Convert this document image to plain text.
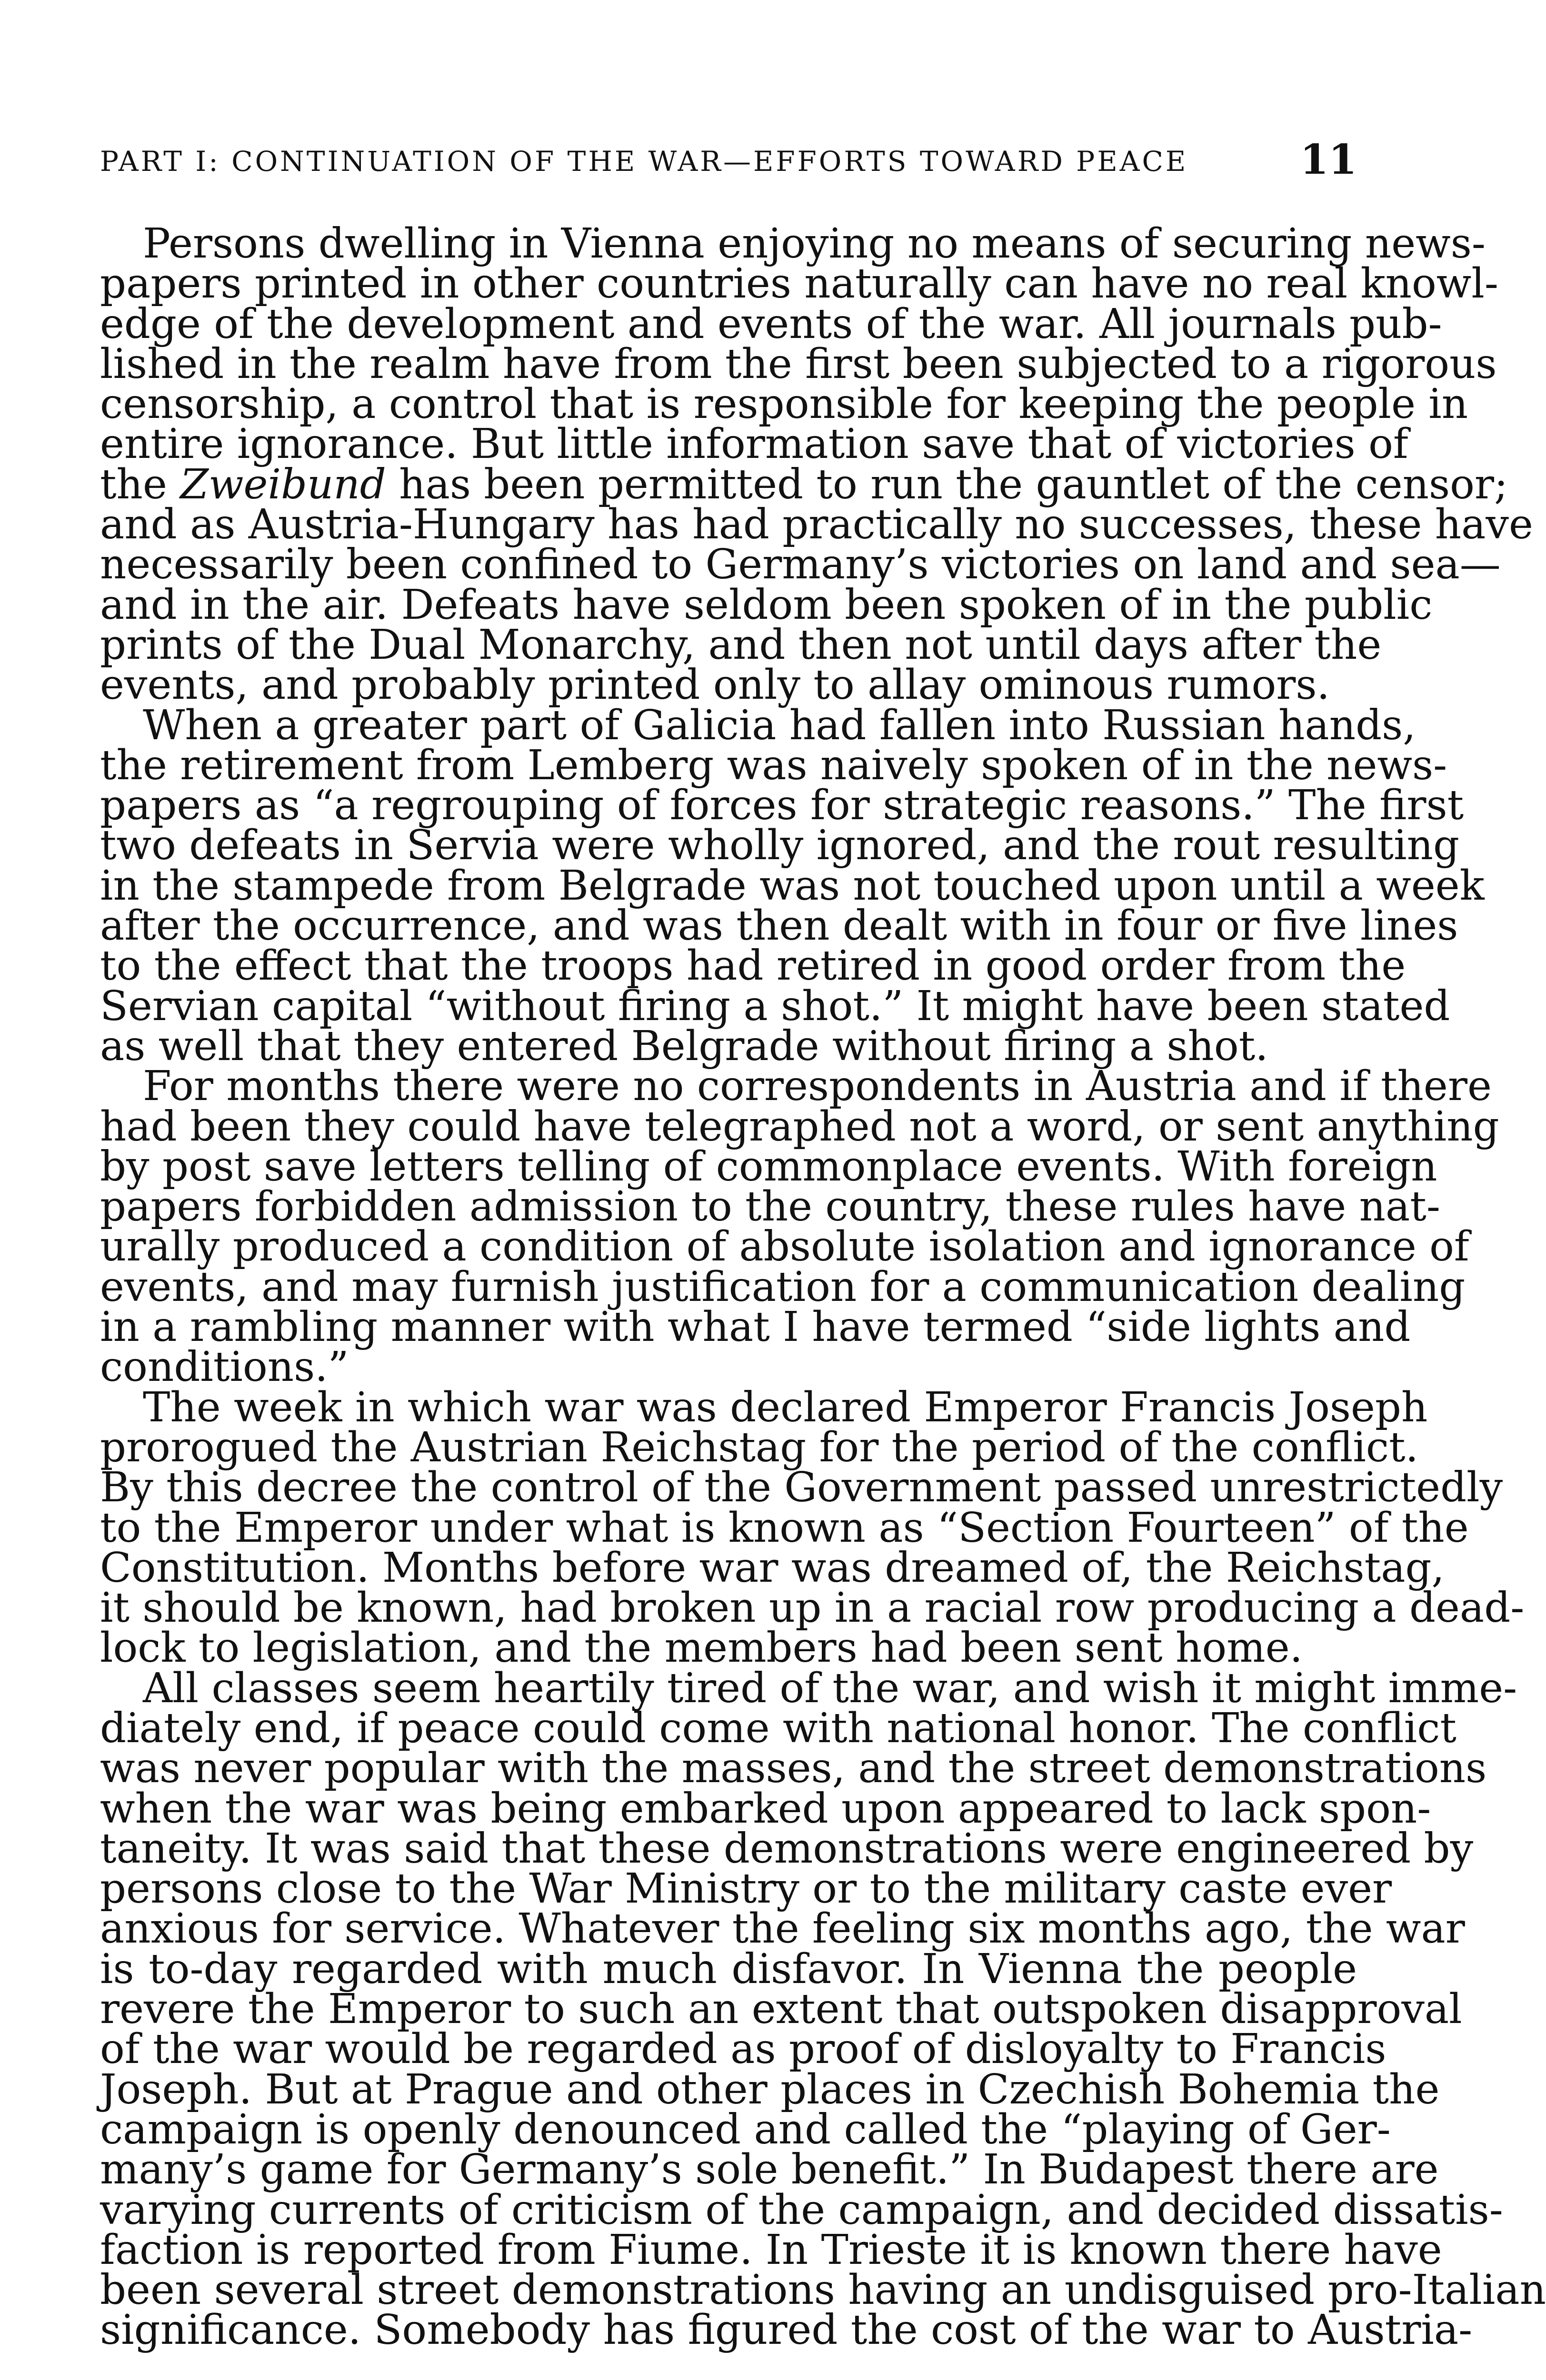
PART I: CONTINUATION OF THE WAR—EFFORTS TOWARD PEACE	11
Persons dwelling in Vienna enjoying no means of securing news-
papers printed in other countries naturally can have no real knowl-
edge of the development and events of the war. All journals pub-
lished in the realm have from the first been subjected to a rigorous
censorship, a control that is responsible for keeping the people in
entire ignorance. But little information save that of victories of
the Zweibund has been permitted to run the gauntlet of the censor;
and as Austria-Hungary has had practically no successes, these have
necessarily been confined to Germany’s victories on land and sea—
and in the air. Defeats have seldom been spoken of in the public
prints of the Dual Monarchy, and then not until days after the
events, and probably printed only to allay ominous rumors.
When a greater part of Galicia had fallen into Russian hands,
the retirement from Lemberg was naively spoken of in the news-
papers as “a regrouping of forces for strategic reasons.” The first
two defeats in Servia were wholly ignored, and the rout resulting
in the stampede from Belgrade was not touched upon until a week
after the occurrence, and was then dealt with in four or five lines
to the effect that the troops had retired in good order from the
Servian capital “without firing a shot.” It might have been stated
as well that they entered Belgrade without firing a shot.
For months there were no correspondents in Austria and if there
had been they could have telegraphed not a word, or sent anything
by post save letters telling of commonplace events. With foreign
papers forbidden admission to the country, these rules have nat-
urally produced a condition of absolute isolation and ignorance of
events, and may furnish justification for a communication dealing
in a rambling manner with what I have termed “side lights and
conditions.”
The week in which war was declared Emperor Francis Joseph
prorogued the Austrian Reichstag for the period of the conflict.
By this decree the control of the Government passed unrestrictedly
to the Emperor under what is known as “Section Fourteen” of the
Constitution. Months before war was dreamed of, the Reichstag,
it should be known, had broken up in a racial row producing a dead-
lock to legislation, and the members had been sent home.
All classes seem heartily tired of the war, and wish it might imme-
diately end, if peace could come with national honor. The conflict
was never popular with the masses, and the street demonstrations
when the war was being embarked upon appeared to lack spon-
taneity. It was said that these demonstrations were engineered by
persons close to the War Ministry or to the military caste ever
anxious for service. Whatever the feeling six months ago, the war
is to-day regarded with much disfavor. In Vienna the people
revere the Emperor to such an extent that outspoken disapproval
of the war would be regarded as proof of disloyalty to Francis
Joseph. But at Prague and other places in Czechish Bohemia the
campaign is openly denounced and called the “playing of Ger-
many’s game for Germany’s sole benefit.” In Budapest there are
varying currents of criticism of the campaign, and decided dissatis-
faction is reported from Fiume. In Trieste it is known there have
been several street demonstrations having an undisguised pro-Italian
significance. Somebody has figured the cost of the war to Austria-
